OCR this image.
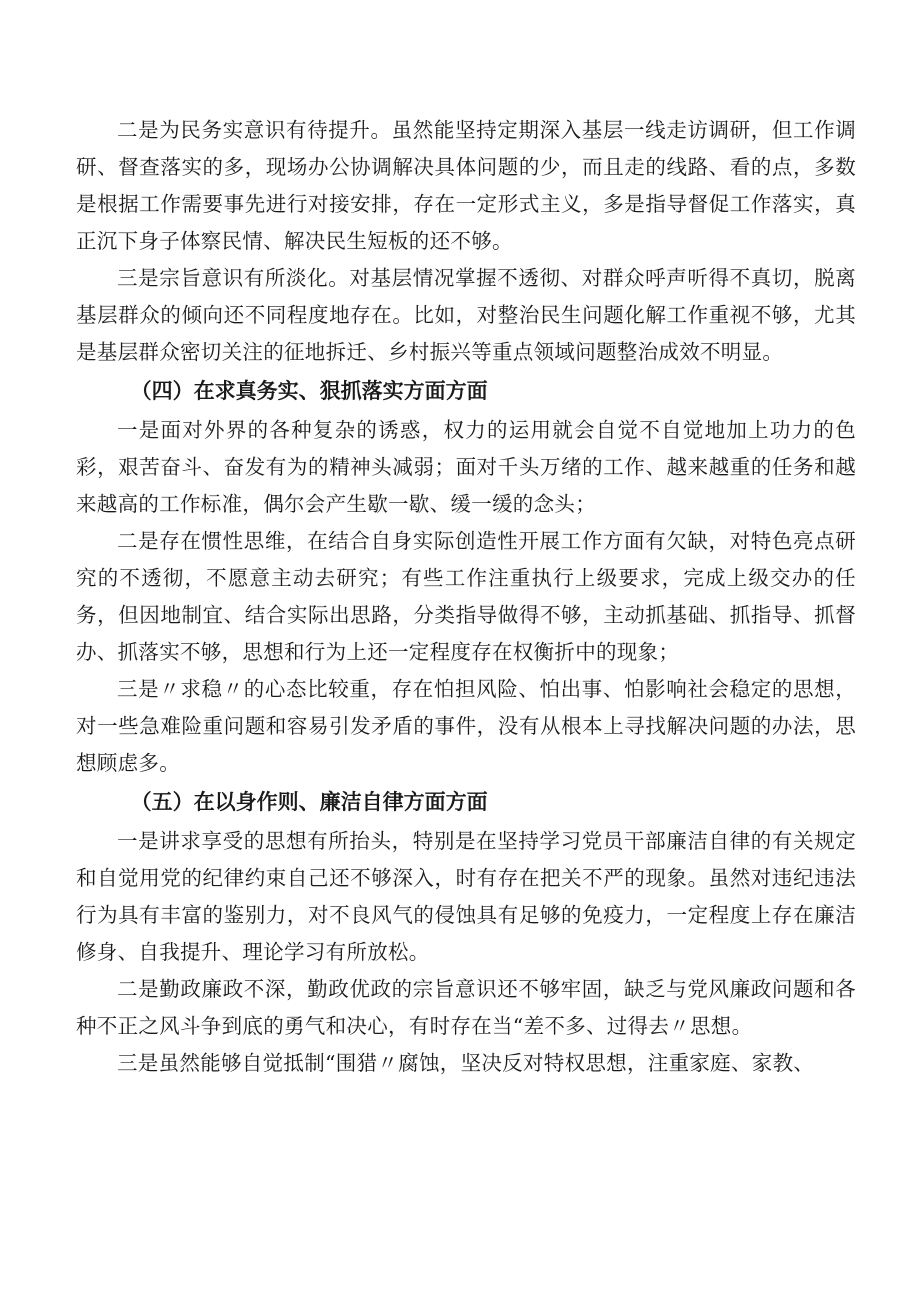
二是为民务实意识有待提升。虽然能坚持定期深入基层一线走访调研，但工作调研、督查落实的多，现场办公协调解决具体问题的少，而且走的线路、看的点，多数是根据工作需要事先进行对接安排，存在一定形式主义，多是指导督促工作落实，真正沉下身子体察民情、解决民生短板的还不够。

三是宗旨意识有所淡化。对基层情况掌握不透彻、对群众呼声听得不真切，脱离基层群众的倾向还不同程度地存在。比如，对整治民生问题化解工作重视不够，尤其是基层群众密切关注的征地拆迁、乡村振兴等重点领域问题整治成效不明显。

（四）在求真务实、狠抓落实方面方面

一是面对外界的各种复杂的诱惑，权力的运用就会自觉不自觉地加上功力的色彩，艰苦奋斗、奋发有为的精神头减弱；面对千头万绪的工作、越来越重的任务和越来越高的工作标准，偶尔会产生歇一歇、缓一缓的念头；

二是存在惯性思维，在结合自身实际创造性开展工作方面有欠缺，对特色亮点研究的不透彻，不愿意主动去研究；有些工作注重执行上级要求，完成上级交办的任务，但因地制宜、结合实际出思路，分类指导做得不够，主动抓基础、抓指导、抓督办、抓落实不够，思想和行为上还一定程度存在权衡折中的现象；

三是〃求稳〃的心态比较重，存在怕担风险、怕出事、怕影响社会稳定的思想，对一些急难险重问题和容易引发矛盾的事件，没有从根本上寻找解决问题的办法，思想顾虑多。

（五）在以身作则、廉洁自律方面方面

一是讲求享受的思想有所抬头，特别是在坚持学习党员干部廉洁自律的有关规定和自觉用党的纪律约束自己还不够深入，时有存在把关不严的现象。虽然对违纪违法行为具有丰富的鉴别力，对不良风气的侵蚀具有足够的免疫力，一定程度上存在廉洁修身、自我提升、理论学习有所放松。

二是勤政廉政不深，勤政优政的宗旨意识还不够牢固，缺乏与党风廉政问题和各种不正之风斗争到底的勇气和决心，有时存在当“差不多、过得去〃思想。

三是虽然能够自觉抵制“围猎〃腐蚀，坚决反对特权思想，注重家庭、家教、
